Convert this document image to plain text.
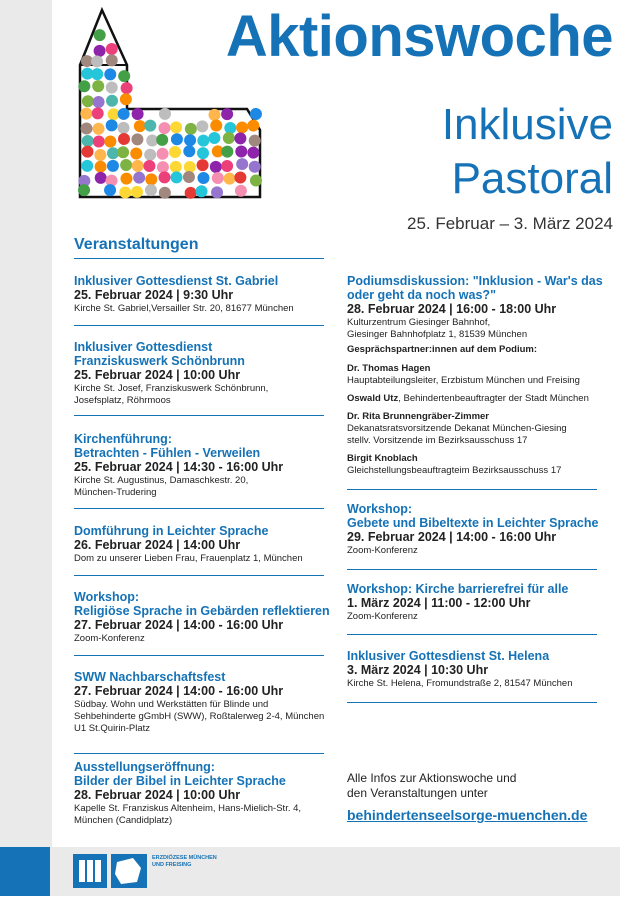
Aktionswoche
Inklusive
Pastoral
25. Februar – 3. März 2024
Veranstaltungen
Inklusiver Gottesdienst St. Gabriel
25. Februar 2024 | 9:30 Uhr
Kirche St. Gabriel,Versailler Str. 20, 81677 München
Inklusiver Gottesdienst
Franziskuswerk Schönbrunn
25. Februar 2024 | 10:00 Uhr
Kirche St. Josef, Franziskuswerk Schönbrunn,
Josefsplatz, Röhrmoos
Kirchenführung:
Betrachten - Fühlen - Verweilen
25. Februar 2024 | 14:30 - 16:00 Uhr
Kirche St. Augustinus, Damaschkestr. 20,
München-Trudering
Domführung in Leichter Sprache
26. Februar 2024 | 14:00 Uhr
Dom zu unserer Lieben Frau, Frauenplatz 1, München
Workshop:
Religiöse Sprache in Gebärden reflektieren
27. Februar 2024 | 14:00 - 16:00 Uhr
Zoom-Konferenz
SWW Nachbarschaftsfest
27. Februar 2024 | 14:00 - 16:00 Uhr
Südbay. Wohn und Werkstätten für Blinde und
Sehbehinderte gGmbH (SWW), Roßtalerweg 2-4, München
U1 St.Quirin-Platz
Ausstellungseröffnung:
Bilder der Bibel in Leichter Sprache
28. Februar 2024 | 10:00 Uhr
Kapelle St. Franziskus Altenheim, Hans-Mielich-Str. 4,
München (Candidplatz)
Podiumsdiskussion: "Inklusion - War's das
oder geht da noch was?"
28. Februar 2024 | 16:00 - 18:00 Uhr
Kulturzentrum Giesinger Bahnhof,
Giesinger Bahnhofplatz 1, 81539 München
Gesprächspartner:innen auf dem Podium:
Dr. Thomas Hagen
Hauptabteilungsleiter, Erzbistum München und Freising
Oswald Utz, Behindertenbeauftragter der Stadt München
Dr. Rita Brunnengräber-Zimmer
Dekanatsratsvorsitzende Dekanat München-Giesing
stellv. Vorsitzende im Bezirksausschuss 17
Birgit Knoblach
Gleichstellungsbeauftragteim Bezirksausschuss 17
Workshop:
Gebete und Bibeltexte in Leichter Sprache
29. Februar 2024 | 14:00 - 16:00 Uhr
Zoom-Konferenz
Workshop: Kirche barrierefrei für alle
1. März 2024 | 11:00 - 12:00 Uhr
Zoom-Konferenz
Inklusiver Gottesdienst St. Helena
3. März 2024 | 10:30 Uhr
Kirche St. Helena, Fromundstraße 2, 81547 München
Alle Infos zur Aktionswoche und
den Veranstaltungen unter
behindertenseelsorge-muenchen.de
ERZDIÖZESE MÜNCHEN
UND FREISING
